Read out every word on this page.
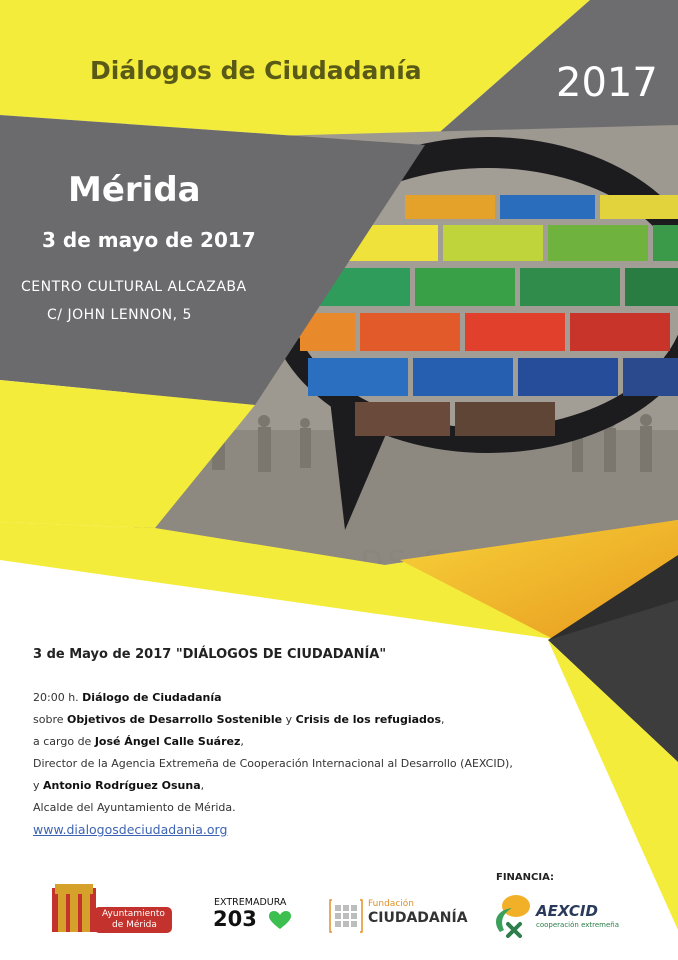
DS
Diálogos de Ciudadanía	2017
Mérida
3 de mayo de 2017
CENTRO CULTURAL ALCAZABA
C/ JOHN LENNON, 5
3 de Mayo de 2017 "DIÁLOGOS DE CIUDADANÍA"
20:00 h. Diálogo de Ciudadanía
sobre Objetivos de Desarrollo Sostenible y Crisis de los refugiados,
a cargo de José Ángel Calle Suárez,
Director de la Agencia Extremeña de Cooperación Internacional al Desarrollo (AEXCID),
y Antonio Rodríguez Osuna,
Alcalde del Ayuntamiento de Mérida.
www.dialogosdeciudadania.org
FINANCIA:
Ayuntamiento
de Mérida
EXTREMADURA
203
Fundación
CIUDADANÍA	AEXCID
cooperación extremeña
